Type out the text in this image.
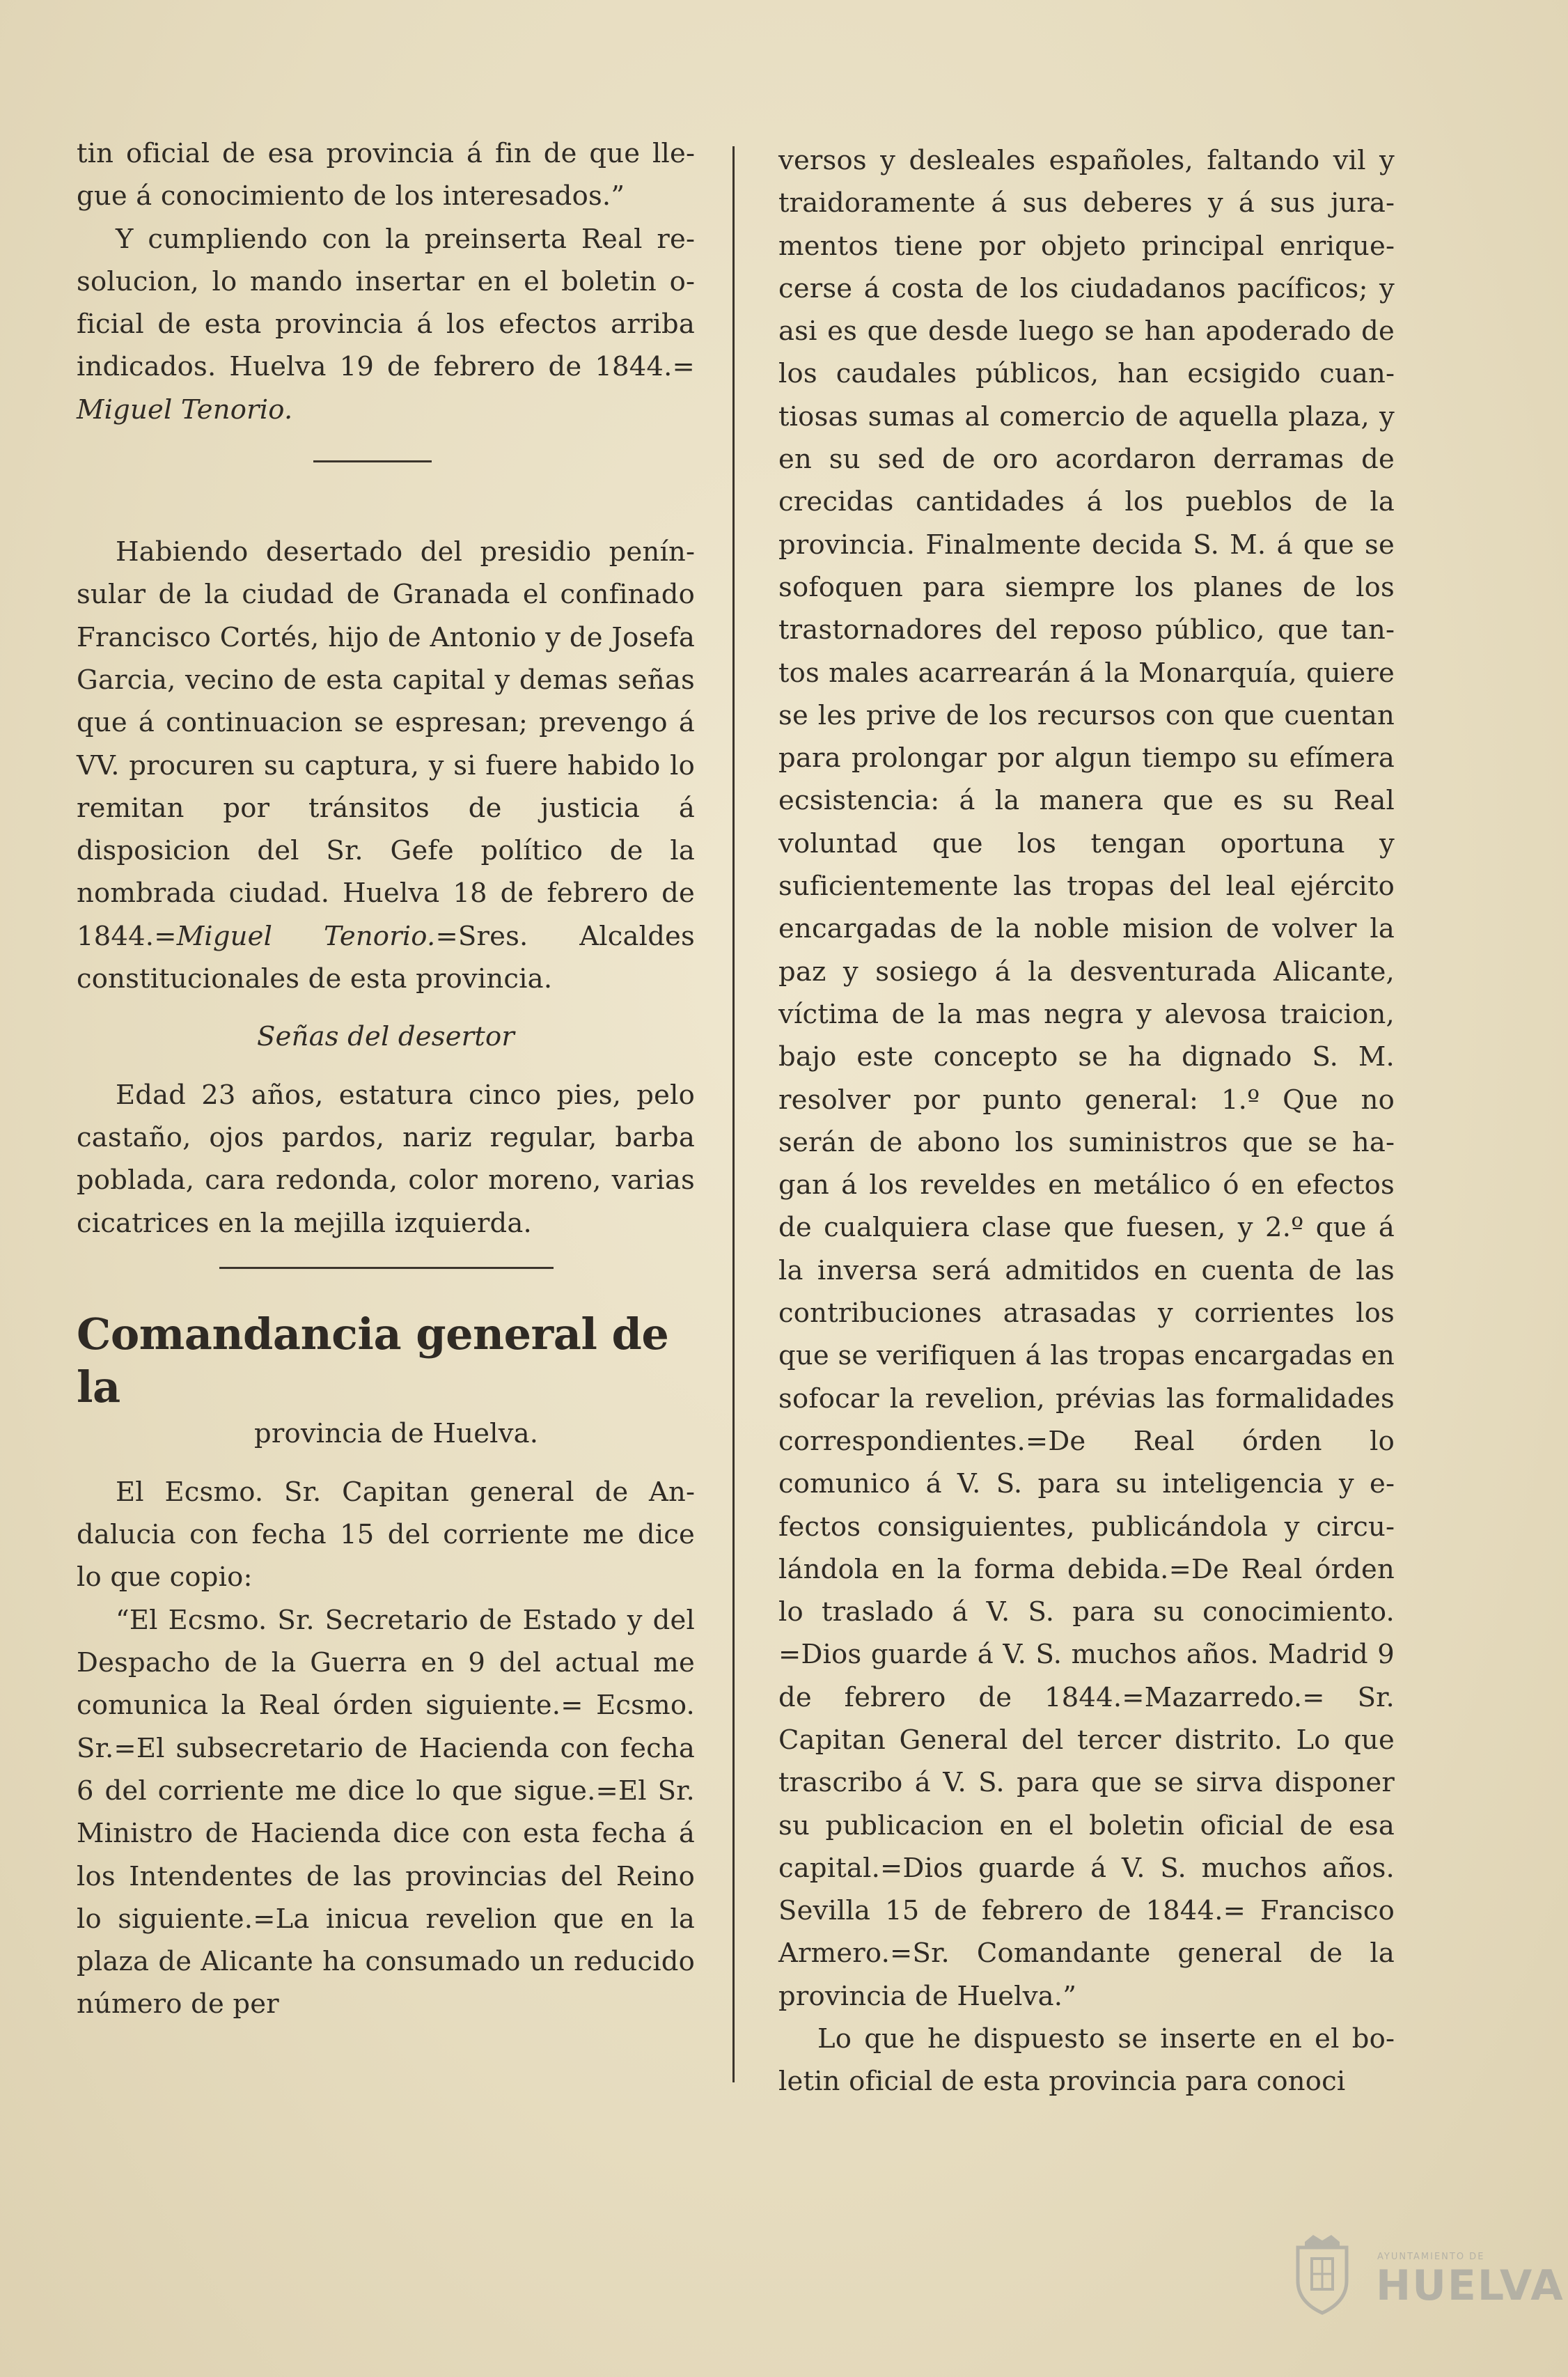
tin oficial de esa provincia á fin de que llegue á conocimiento de los interesados.”

Y cumpliendo con la preinserta Real resolucion, lo mando insertar en el boletin oficial de esta provincia á los efectos arriba indicados. Huelva 19 de febrero de 1844.= Miguel Tenorio.

Habiendo desertado del presidio penínsular de la ciudad de Granada el confinado Francisco Cortés, hijo de Antonio y de Josefa Garcia, vecino de esta capital y demas señas que á continuacion se espresan; prevengo á VV. procuren su captura, y si fuere habido lo remitan por tránsitos de justicia á disposicion del Sr. Gefe político de la nombrada ciudad. Huelva 18 de febrero de 1844.=Miguel Tenorio.=Sres. Alcaldes constitucionales de esta provincia.

Señas del desertor

Edad 23 años, estatura cinco pies, pelo castaño, ojos pardos, nariz regular, barba poblada, cara redonda, color moreno, varias cicatrices en la mejilla izquierda.

Comandancia general de la
provincia de Huelva.

El Ecsmo. Sr. Capitan general de Andalucia con fecha 15 del corriente me dice lo que copio:

“El Ecsmo. Sr. Secretario de Estado y del Despacho de la Guerra en 9 del actual me comunica la Real órden siguiente.= Ecsmo. Sr.=El subsecretario de Hacienda con fecha 6 del corriente me dice lo que sigue.=El Sr. Ministro de Hacienda dice con esta fecha á los Intendentes de las provincias del Reino lo siguiente.=La inicua revelion que en la plaza de Alicante ha consumado un reducido número de per

versos y desleales españoles, faltando vil y traidoramente á sus deberes y á sus juramentos tiene por objeto principal enriquecerse á costa de los ciudadanos pacíficos; y asi es que desde luego se han apoderado de los caudales públicos, han ecsigido cuantiosas sumas al comercio de aquella plaza, y en su sed de oro acordaron derramas de crecidas cantidades á los pueblos de la provincia. Finalmente decida S. M. á que se sofoquen para siempre los planes de los trastornadores del reposo público, que tantos males acarrearán á la Monarquía, quiere se les prive de los recursos con que cuentan para prolongar por algun tiempo su efímera ecsistencia: á la manera que es su Real voluntad que los tengan oportuna y suficientemente las tropas del leal ejército encargadas de la noble mision de volver la paz y sosiego á la desventurada Alicante, víctima de la mas negra y alevosa traicion, bajo este concepto se ha dignado S. M. resolver por punto general: 1.º Que no serán de abono los suministros que se hagan á los reveldes en metálico ó en efectos de cualquiera clase que fuesen, y 2.º que á la inversa será admitidos en cuenta de las contribuciones atrasadas y corrientes los que se verifiquen á las tropas encargadas en sofocar la revelion, prévias las formalidades correspondientes.=De Real órden lo comunico á V. S. para su inteligencia y efectos consiguientes, publicándola y circulándola en la forma debida.=De Real órden lo traslado á V. S. para su conocimiento. =Dios guarde á V. S. muchos años. Madrid 9 de febrero de 1844.=Mazarredo.= Sr. Capitan General del tercer distrito. Lo que trascribo á V. S. para que se sirva disponer su publicacion en el boletin oficial de esa capital.=Dios guarde á V. S. muchos años. Sevilla 15 de febrero de 1844.= Francisco Armero.=Sr. Comandante general de la provincia de Huelva.”

Lo que he dispuesto se inserte en el boletin oficial de esta provincia para conoci

AYUNTAMIENTO DE
HUELVA
